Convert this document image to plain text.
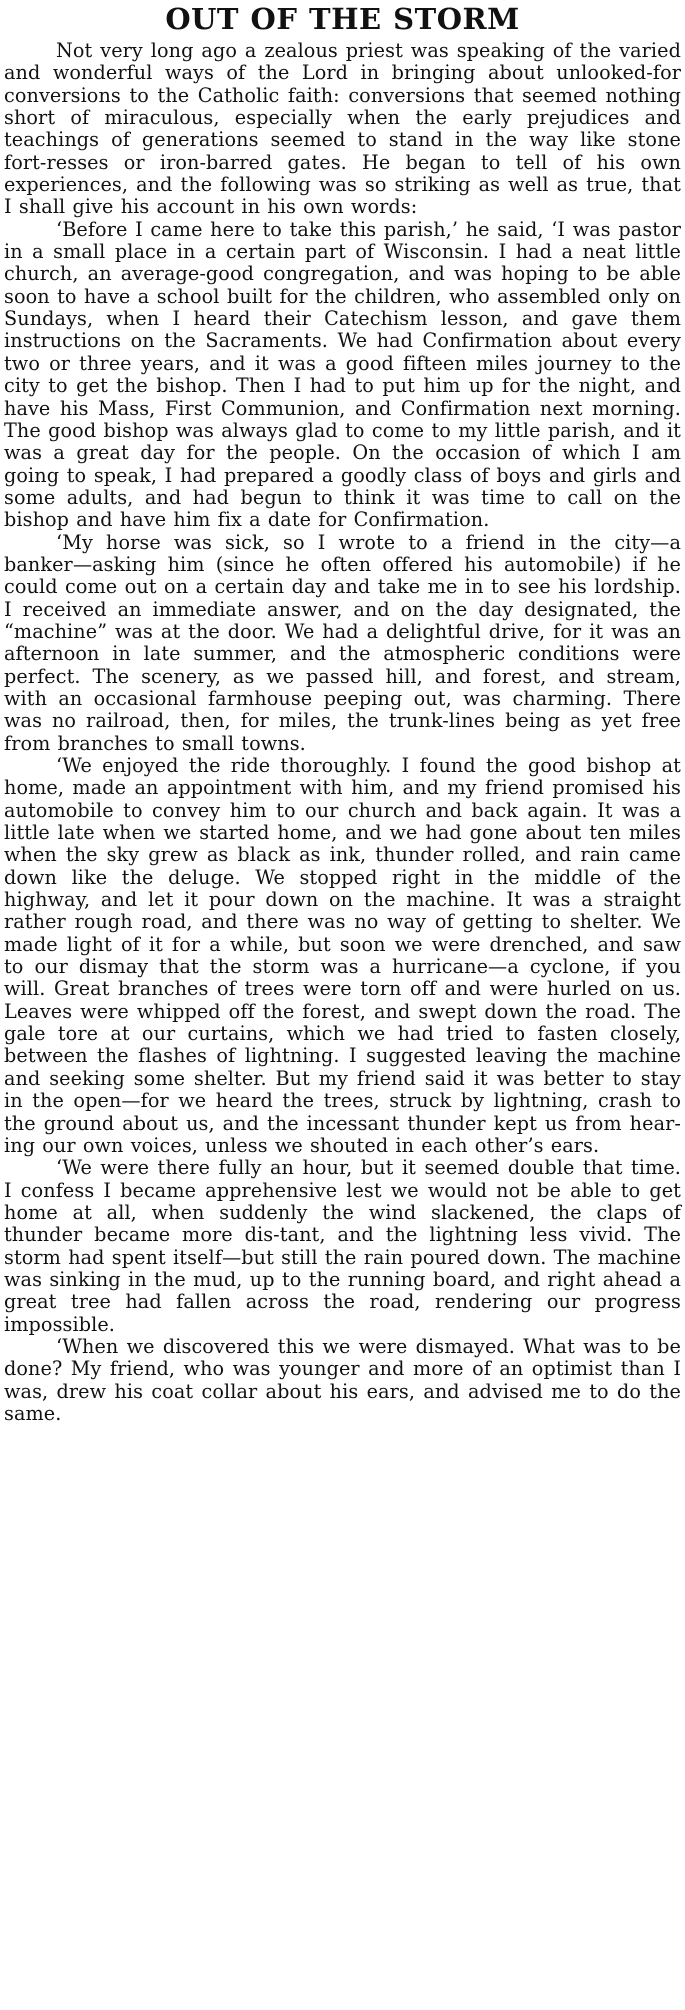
OUT OF THE STORM

Not very long ago a zealous priest was speaking of the varied and wonderful ways of the Lord in bringing about unlooked-for conversions to the Catholic faith: conversions that seemed nothing short of miraculous, especially when the early prejudices and teachings of generations seemed to stand in the way like stone fort-resses or iron-barred gates. He began to tell of his own experiences, and the following was so striking as well as true, that I shall give his account in his own words:

‘Before I came here to take this parish,’ he said, ‘I was pastor in a small place in a certain part of Wisconsin. I had a neat little church, an average-good congregation, and was hoping to be able soon to have a school built for the children, who assembled only on Sundays, when I heard their Catechism lesson, and gave them instructions on the Sacraments. We had Confirmation about every two or three years, and it was a good fifteen miles journey to the city to get the bishop. Then I had to put him up for the night, and have his Mass, First Communion, and Confirmation next morning. The good bishop was always glad to come to my little parish, and it was a great day for the people. On the occasion of which I am going to speak, I had prepared a goodly class of boys and girls and some adults, and had begun to think it was time to call on the bishop and have him fix a date for Confirmation.

‘My horse was sick, so I wrote to a friend in the city—a banker—asking him (since he often offered his automobile) if he could come out on a certain day and take me in to see his lordship. I received an immediate answer, and on the day designated, the “machine” was at the door. We had a delightful drive, for it was an afternoon in late summer, and the atmospheric conditions were perfect. The scenery, as we passed hill, and forest, and stream, with an occasional farmhouse peeping out, was charming. There was no railroad, then, for miles, the trunk-lines being as yet free from branches to small towns.

‘We enjoyed the ride thoroughly. I found the good bishop at home, made an appointment with him, and my friend promised his automobile to convey him to our church and back again. It was a little late when we started home, and we had gone about ten miles when the sky grew as black as ink, thunder rolled, and rain came down like the deluge. We stopped right in the middle of the highway, and let it pour down on the machine. It was a straight rather rough road, and there was no way of getting to shelter. We made light of it for a while, but soon we were drenched, and saw to our dismay that the storm was a hurricane—a cyclone, if you will. Great branches of trees were torn off and were hurled on us. Leaves were whipped off the forest, and swept down the road. The gale tore at our curtains, which we had tried to fasten closely, between the flashes of lightning. I suggested leaving the machine and seeking some shelter. But my friend said it was better to stay in the open—for we heard the trees, struck by lightning, crash to the ground about us, and the incessant thunder kept us from hear-ing our own voices, unless we shouted in each other’s ears.

‘We were there fully an hour, but it seemed double that time. I confess I became apprehensive lest we would not be able to get home at all, when suddenly the wind slackened, the claps of thunder became more dis-tant, and the lightning less vivid. The storm had spent itself—but still the rain poured down. The machine was sinking in the mud, up to the running board, and right ahead a great tree had fallen across the road, rendering our progress impossible.

‘When we discovered this we were dismayed. What was to be done? My friend, who was younger and more of an optimist than I was, drew his coat collar about his ears, and advised me to do the same.
